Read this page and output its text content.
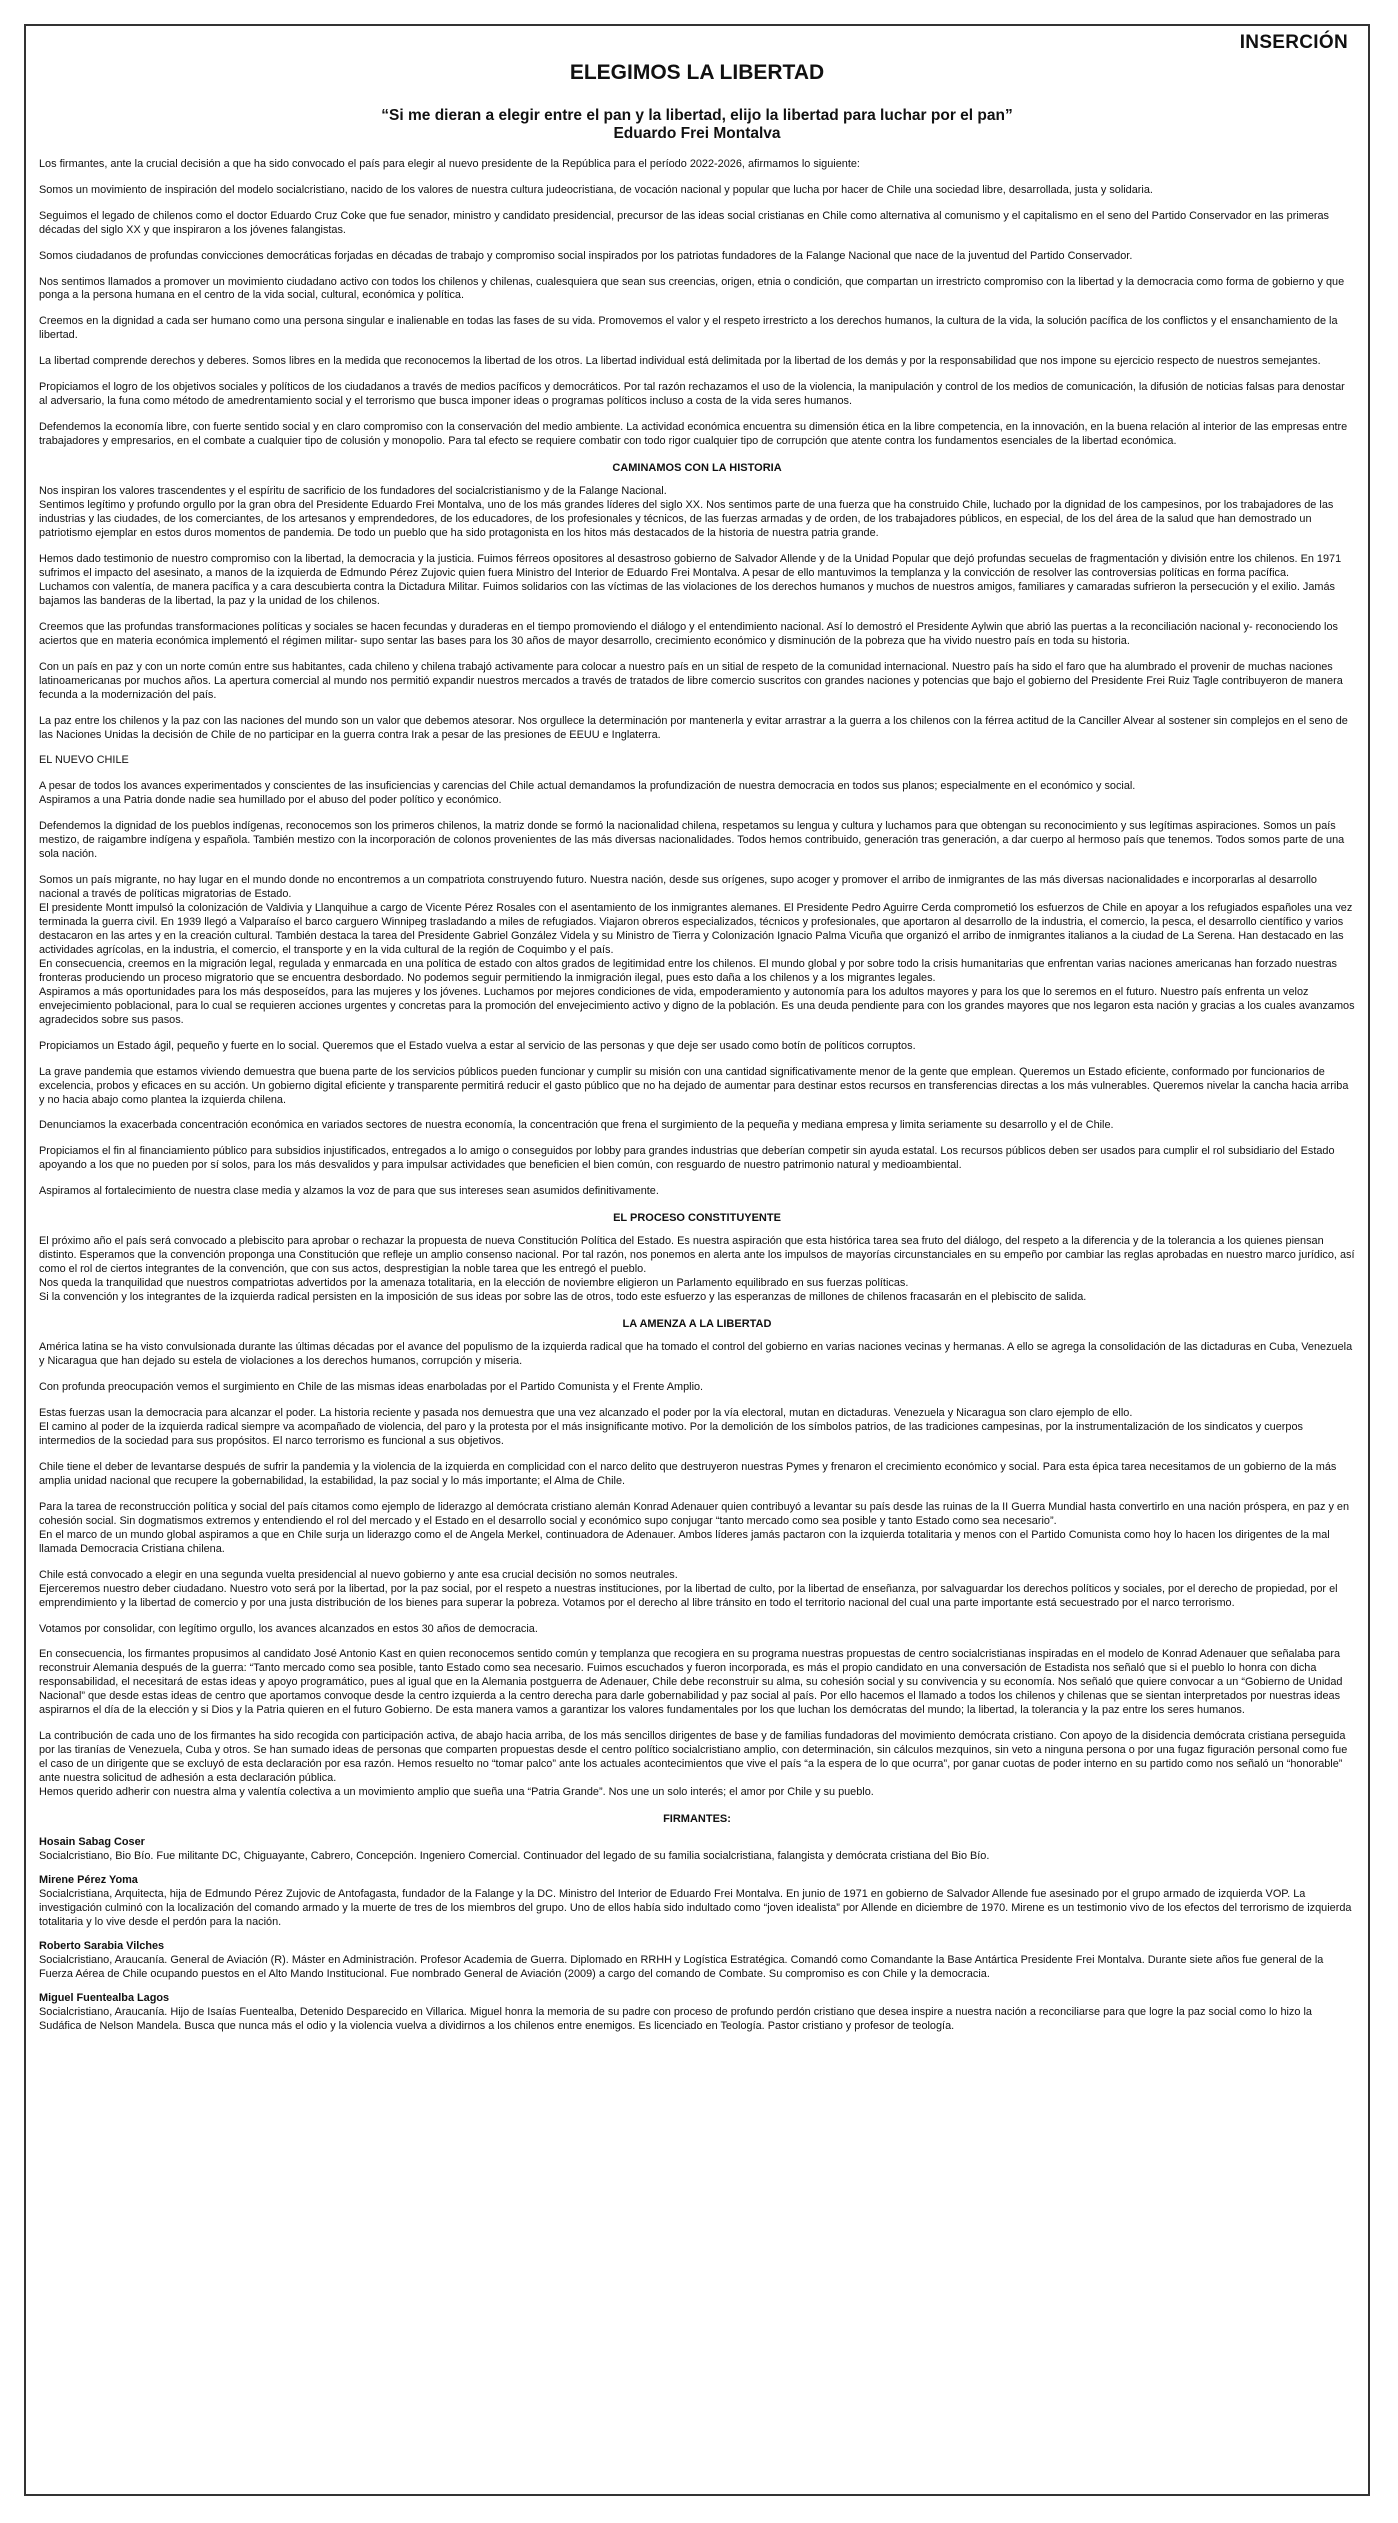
INSERCIÓN
ELEGIMOS LA LIBERTAD
“Si me dieran a elegir entre el pan y la libertad, elijo la libertad para luchar por el pan”
Eduardo Frei Montalva

Los firmantes, ante la crucial decisión a que ha sido convocado el país para elegir al nuevo presidente de la República para el período 2022-2026, afirmamos lo siguiente:

Somos un movimiento de inspiración del modelo socialcristiano, nacido de los valores de nuestra cultura judeocristiana, de vocación nacional y popular que lucha por hacer de Chile una sociedad libre, desarrollada, justa y solidaria.

Seguimos el legado de chilenos como el doctor Eduardo Cruz Coke que fue senador, ministro y candidato presidencial, precursor de las ideas social cristianas en Chile como alternativa al comunismo y el capitalismo en el seno del Partido Conservador en las primeras décadas del siglo XX y que inspiraron a los jóvenes falangistas.

Somos ciudadanos de profundas convicciones democráticas forjadas en décadas de trabajo y compromiso social inspirados por los patriotas fundadores de la Falange Nacional que nace de la juventud del Partido Conservador.

Nos sentimos llamados a promover un movimiento ciudadano activo con todos los chilenos y chilenas, cualesquiera que sean sus creencias, origen, etnia o condición, que compartan un irrestricto compromiso con la libertad y la democracia como forma de gobierno y que ponga a la persona humana en el centro de la vida social, cultural, económica y política.

Creemos en la dignidad a cada ser humano como una persona singular e inalienable en todas las fases de su vida. Promovemos el valor y el respeto irrestricto a los derechos humanos, la cultura de la vida, la solución pacífica de los conflictos y el ensanchamiento de la libertad.

La libertad comprende derechos y deberes. Somos libres en la medida que reconocemos la libertad de los otros. La libertad individual está delimitada por la libertad de los demás y por la responsabilidad que nos impone su ejercicio respecto de nuestros semejantes.

Propiciamos el logro de los objetivos sociales y políticos de los ciudadanos a través de medios pacíficos y democráticos. Por tal razón rechazamos el uso de la violencia, la manipulación y control de los medios de comunicación, la difusión de noticias falsas para denostar al adversario, la funa como método de amedrentamiento social y el terrorismo que busca imponer ideas o programas políticos incluso a costa de la vida seres humanos.

Defendemos la economía libre, con fuerte sentido social y en claro compromiso con la conservación del medio ambiente. La actividad económica encuentra su dimensión ética en la libre competencia, en la innovación, en la buena relación al interior de las empresas entre trabajadores y empresarios, en el combate a cualquier tipo de colusión y monopolio. Para tal efecto se requiere combatir con todo rigor cualquier tipo de corrupción que atente contra los fundamentos esenciales de la libertad económica.

CAMINAMOS CON LA HISTORIA

Nos inspiran los valores trascendentes y el espíritu de sacrificio de los fundadores del socialcristianismo y de la Falange Nacional.
Sentimos legítimo y profundo orgullo por la gran obra del Presidente Eduardo Frei Montalva, uno de los más grandes líderes del siglo XX. Nos sentimos parte de una fuerza que ha construido Chile, luchado por la dignidad de los campesinos, por los trabajadores de las industrias y las ciudades, de los comerciantes, de los artesanos y emprendedores, de los educadores, de los profesionales y técnicos, de las fuerzas armadas y de orden, de los trabajadores públicos, en especial, de los del área de la salud que han demostrado un patriotismo ejemplar en estos duros momentos de pandemia. De todo un pueblo que ha sido protagonista en los hitos más destacados de la historia de nuestra patria grande.

Hemos dado testimonio de nuestro compromiso con la libertad, la democracia y la justicia. Fuimos férreos opositores al desastroso gobierno de Salvador Allende y de la Unidad Popular que dejó profundas secuelas de fragmentación y división entre los chilenos. En 1971 sufrimos el impacto del asesinato, a manos de la izquierda de Edmundo Pérez Zujovic quien fuera Ministro del Interior de Eduardo Frei Montalva. A pesar de ello mantuvimos la templanza y la convicción de resolver las controversias políticas en forma pacífica.
Luchamos con valentía, de manera pacífica y a cara descubierta contra la Dictadura Militar. Fuimos solidarios con las víctimas de las violaciones de los derechos humanos y muchos de nuestros amigos, familiares y camaradas sufrieron la persecución y el exilio. Jamás bajamos las banderas de la libertad, la paz y la unidad de los chilenos.

Creemos que las profundas transformaciones políticas y sociales se hacen fecundas y duraderas en el tiempo promoviendo el diálogo y el entendimiento nacional. Así lo demostró el Presidente Aylwin que abrió las puertas a la reconciliación nacional y- reconociendo los aciertos que en materia económica implementó el régimen militar- supo sentar las bases para los 30 años de mayor desarrollo, crecimiento económico y disminución de la pobreza que ha vivido nuestro país en toda su historia.

Con un país en paz y con un norte común entre sus habitantes, cada chileno y chilena trabajó activamente para colocar a nuestro país en un sitial de respeto de la comunidad internacional. Nuestro país ha sido el faro que ha alumbrado el provenir de muchas naciones latinoamericanas por muchos años. La apertura comercial al mundo nos permitió expandir nuestros mercados a través de tratados de libre comercio suscritos con grandes naciones y potencias que bajo el gobierno del Presidente Frei Ruiz Tagle contribuyeron de manera fecunda a la modernización del país.

La paz entre los chilenos y la paz con las naciones del mundo son un valor que debemos atesorar. Nos orgullece la determinación por mantenerla y evitar arrastrar a la guerra a los chilenos con la férrea actitud de la Canciller Alvear al sostener sin complejos en el seno de las Naciones Unidas la decisión de Chile de no participar en la guerra contra Irak a pesar de las presiones de EEUU e Inglaterra.

EL NUEVO CHILE

A pesar de todos los avances experimentados y conscientes de las insuficiencias y carencias del Chile actual demandamos la profundización de nuestra democracia en todos sus planos; especialmente en el económico y social.
Aspiramos a una Patria donde nadie sea humillado por el abuso del poder político y económico.

Defendemos la dignidad de los pueblos indígenas, reconocemos son los primeros chilenos, la matriz donde se formó la nacionalidad chilena, respetamos su lengua y cultura y luchamos para que obtengan su reconocimiento y sus legítimas aspiraciones. Somos un país mestizo, de raigambre indígena y española. También mestizo con la incorporación de colonos provenientes de las más diversas nacionalidades. Todos hemos contribuido, generación tras generación, a dar cuerpo al hermoso país que tenemos. Todos somos parte de una sola nación.

Somos un país migrante, no hay lugar en el mundo donde no encontremos a un compatriota construyendo futuro. Nuestra nación, desde sus orígenes, supo acoger y promover el arribo de inmigrantes de las más diversas nacionalidades e incorporarlas al desarrollo nacional a través de políticas migratorias de Estado.
El presidente Montt impulsó la colonización de Valdivia y Llanquihue a cargo de Vicente Pérez Rosales con el asentamiento de los inmigrantes alemanes. El Presidente Pedro Aguirre Cerda comprometió los esfuerzos de Chile en apoyar a los refugiados españoles una vez terminada la guerra civil. En 1939 llegó a Valparaíso el barco carguero Winnipeg trasladando a miles de refugiados. Viajaron obreros especializados, técnicos y profesionales, que aportaron al desarrollo de la industria, el comercio, la pesca, el desarrollo científico y varios destacaron en las artes y en la creación cultural. También destaca la tarea del Presidente Gabriel González Videla y su Ministro de Tierra y Colonización Ignacio Palma Vicuña que organizó el arribo de inmigrantes italianos a la ciudad de La Serena. Han destacado en las actividades agrícolas, en la industria, el comercio, el transporte y en la vida cultural de la región de Coquimbo y el país.
En consecuencia, creemos en la migración legal, regulada y enmarcada en una política de estado con altos grados de legitimidad entre los chilenos. El mundo global y por sobre todo la crisis humanitarias que enfrentan varias naciones americanas han forzado nuestras fronteras produciendo un proceso migratorio que se encuentra desbordado. No podemos seguir permitiendo la inmigración ilegal, pues esto daña a los chilenos y a los migrantes legales.
Aspiramos a más oportunidades para los más desposeídos, para las mujeres y los jóvenes. Luchamos por mejores condiciones de vida, empoderamiento y autonomía para los adultos mayores y para los que lo seremos en el futuro. Nuestro país enfrenta un veloz envejecimiento poblacional, para lo cual se requieren acciones urgentes y concretas para la promoción del envejecimiento activo y digno de la población. Es una deuda pendiente para con los grandes mayores que nos legaron esta nación y gracias a los cuales avanzamos agradecidos sobre sus pasos.

Propiciamos un Estado ágil, pequeño y fuerte en lo social. Queremos que el Estado vuelva a estar al servicio de las personas y que deje ser usado como botín de políticos corruptos.

La grave pandemia que estamos viviendo demuestra que buena parte de los servicios públicos pueden funcionar y cumplir su misión con una cantidad significativamente menor de la gente que emplean. Queremos un Estado eficiente, conformado por funcionarios de excelencia, probos y eficaces en su acción. Un gobierno digital eficiente y transparente permitirá reducir el gasto público que no ha dejado de aumentar para destinar estos recursos en transferencias directas a los más vulnerables. Queremos nivelar la cancha hacia arriba y no hacia abajo como plantea la izquierda chilena.

Denunciamos la exacerbada concentración económica en variados sectores de nuestra economía, la concentración que frena el surgimiento de la pequeña y mediana empresa y limita seriamente su desarrollo y el de Chile.

Propiciamos el fin al financiamiento público para subsidios injustificados, entregados a lo amigo o conseguidos por lobby para grandes industrias que deberían competir sin ayuda estatal. Los recursos públicos deben ser usados para cumplir el rol subsidiario del Estado apoyando a los que no pueden por sí solos, para los más desvalidos y para impulsar actividades que beneficien el bien común, con resguardo de nuestro patrimonio natural y medioambiental.

Aspiramos al fortalecimiento de nuestra clase media y alzamos la voz de para que sus intereses sean asumidos definitivamente.

EL PROCESO CONSTITUYENTE

El próximo año el país será convocado a plebiscito para aprobar o rechazar la propuesta de nueva Constitución Política del Estado. Es nuestra aspiración que esta histórica tarea sea fruto del diálogo, del respeto a la diferencia y de la tolerancia a los quienes piensan distinto. Esperamos que la convención proponga una Constitución que refleje un amplio consenso nacional. Por tal razón, nos ponemos en alerta ante los impulsos de mayorías circunstanciales en su empeño por cambiar las reglas aprobadas en nuestro marco jurídico, así como el rol de ciertos integrantes de la convención, que con sus actos, desprestigian la noble tarea que les entregó el pueblo.
Nos queda la tranquilidad que nuestros compatriotas advertidos por la amenaza totalitaria, en la elección de noviembre eligieron un Parlamento equilibrado en sus fuerzas políticas.
Si la convención y los integrantes de la izquierda radical persisten en la imposición de sus ideas por sobre las de otros, todo este esfuerzo y las esperanzas de millones de chilenos fracasarán en el plebiscito de salida.

LA AMENZA A LA LIBERTAD

América latina se ha visto convulsionada durante las últimas décadas por el avance del populismo de la izquierda radical que ha tomado el control del gobierno en varias naciones vecinas y hermanas. A ello se agrega la consolidación de las dictaduras en Cuba, Venezuela y Nicaragua que han dejado su estela de violaciones a los derechos humanos, corrupción y miseria.

Con profunda preocupación vemos el surgimiento en Chile de las mismas ideas enarboladas por el Partido Comunista y el Frente Amplio.

Estas fuerzas usan la democracia para alcanzar el poder. La historia reciente y pasada nos demuestra que una vez alcanzado el poder por la vía electoral, mutan en dictaduras. Venezuela y Nicaragua son claro ejemplo de ello.
El camino al poder de la izquierda radical siempre va acompañado de violencia, del paro y la protesta por el más insignificante motivo. Por la demolición de los símbolos patrios, de las tradiciones campesinas, por la instrumentalización de los sindicatos y cuerpos intermedios de la sociedad para sus propósitos. El narco terrorismo es funcional a sus objetivos.

Chile tiene el deber de levantarse después de sufrir la pandemia y la violencia de la izquierda en complicidad con el narco delito que destruyeron nuestras Pymes y frenaron el crecimiento económico y social. Para esta épica tarea necesitamos de un gobierno de la más amplia unidad nacional que recupere la gobernabilidad, la estabilidad, la paz social y lo más importante; el Alma de Chile.

Para la tarea de reconstrucción política y social del país citamos como ejemplo de liderazgo al demócrata cristiano alemán Konrad Adenauer quien contribuyó a levantar su país desde las ruinas de la II Guerra Mundial hasta convertirlo en una nación próspera, en paz y en cohesión social. Sin dogmatismos extremos y entendiendo el rol del mercado y el Estado en el desarrollo social y económico supo conjugar “tanto mercado como sea posible y tanto Estado como sea necesario”.
En el marco de un mundo global aspiramos a que en Chile surja un liderazgo como el de Angela Merkel, continuadora de Adenauer. Ambos líderes jamás pactaron con la izquierda totalitaria y menos con el Partido Comunista como hoy lo hacen los dirigentes de la mal llamada Democracia Cristiana chilena.

Chile está convocado a elegir en una segunda vuelta presidencial al nuevo gobierno y ante esa crucial decisión no somos neutrales.
Ejerceremos nuestro deber ciudadano. Nuestro voto será por la libertad, por la paz social, por el respeto a nuestras instituciones, por la libertad de culto, por la libertad de enseñanza, por salvaguardar los derechos políticos y sociales, por el derecho de propiedad, por el emprendimiento y la libertad de comercio y por una justa distribución de los bienes para superar la pobreza. Votamos por el derecho al libre tránsito en todo el territorio nacional del cual una parte importante está secuestrado por el narco terrorismo.

Votamos por consolidar, con legítimo orgullo, los avances alcanzados en estos 30 años de democracia.

En consecuencia, los firmantes propusimos al candidato José Antonio Kast en quien reconocemos sentido común y templanza que recogiera en su programa nuestras propuestas de centro socialcristianas inspiradas en el modelo de Konrad Adenauer que señalaba para reconstruir Alemania después de la guerra: “Tanto mercado como sea posible, tanto Estado como sea necesario. Fuimos escuchados y fueron incorporada, es más el propio candidato en una conversación de Estadista nos señaló que si el pueblo lo honra con dicha responsabilidad, el necesitará de estas ideas y apoyo programático, pues al igual que en la Alemania postguerra de Adenauer, Chile debe reconstruir su alma, su cohesión social y su convivencia y su economía. Nos señaló que quiere convocar a un “Gobierno de Unidad Nacional” que desde estas ideas de centro que aportamos convoque desde la centro izquierda a la centro derecha para darle gobernabilidad y paz social al país. Por ello hacemos el llamado a todos los chilenos y chilenas que se sientan interpretados por nuestras ideas aspirarnos el día de la elección y si Dios y la Patria quieren en el futuro Gobierno. De esta manera vamos a garantizar los valores fundamentales por los que luchan los demócratas del mundo; la libertad, la tolerancia y la paz entre los seres humanos.

La contribución de cada uno de los firmantes ha sido recogida con participación activa, de abajo hacia arriba, de los más sencillos dirigentes de base y de familias fundadoras del movimiento demócrata cristiano. Con apoyo de la disidencia demócrata cristiana perseguida por las tiranías de Venezuela, Cuba y otros. Se han sumado ideas de personas que comparten propuestas desde el centro político socialcristiano amplio, con determinación, sin cálculos mezquinos, sin veto a ninguna persona o por una fugaz figuración personal como fue el caso de un dirigente que se excluyó de esta declaración por esa razón. Hemos resuelto no “tomar palco” ante los actuales acontecimientos que vive el país “a la espera de lo que ocurra”, por ganar cuotas de poder interno en su partido como nos señaló un “honorable” ante nuestra solicitud de adhesión a esta declaración pública.
Hemos querido adherir con nuestra alma y valentía colectiva a un movimiento amplio que sueña una “Patria Grande”. Nos une un solo interés; el amor por Chile y su pueblo.

FIRMANTES:
Hosain Sabag Coser
Socialcristiano, Bio Bío. Fue militante DC, Chiguayante, Cabrero, Concepción. Ingeniero Comercial. Continuador del legado de su familia socialcristiana, falangista y demócrata cristiana del Bio Bío.
Mirene Pérez Yoma
Socialcristiana, Arquitecta, hija de Edmundo Pérez Zujovic de Antofagasta, fundador de la Falange y la DC. Ministro del Interior de Eduardo Frei Montalva. En junio de 1971 en gobierno de Salvador Allende fue asesinado por el grupo armado de izquierda VOP. La investigación culminó con la localización del comando armado y la muerte de tres de los miembros del grupo. Uno de ellos había sido indultado como “joven idealista” por Allende en diciembre de 1970. Mirene es un testimonio vivo de los efectos del terrorismo de izquierda totalitaria y lo vive desde el perdón para la nación.
Roberto Sarabia Vilches
Socialcristiano, Araucanía. General de Aviación (R). Máster en Administración. Profesor Academia de Guerra. Diplomado en RRHH y Logística Estratégica. Comandó como Comandante la Base Antártica Presidente Frei Montalva. Durante siete años fue general de la Fuerza Aérea de Chile ocupando puestos en el Alto Mando Institucional. Fue nombrado General de Aviación (2009) a cargo del comando de Combate. Su compromiso es con Chile y la democracia.
Miguel Fuentealba Lagos
Socialcristiano, Araucanía. Hijo de Isaías Fuentealba, Detenido Desparecido en Villarica. Miguel honra la memoria de su padre con proceso de profundo perdón cristiano que desea inspire a nuestra nación a reconciliarse para que logre la paz social como lo hizo la Sudáfica de Nelson Mandela. Busca que nunca más el odio y la violencia vuelva a dividirnos a los chilenos entre enemigos. Es licenciado en Teología. Pastor cristiano y profesor de teología.
